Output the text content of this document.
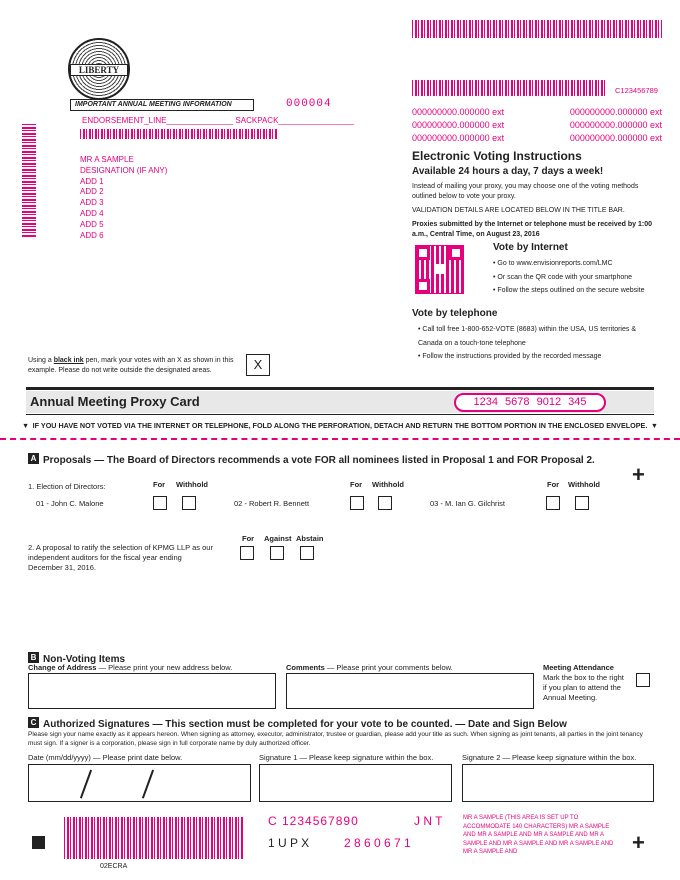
LIBERTY
IMPORTANT ANNUAL MEETING INFORMATION	000004
ENDORSEMENT_LINE_______________ SACKPACK_________________
MR A SAMPLE
DESIGNATION (IF ANY)
ADD 1
ADD 2
ADD 3
ADD 4
ADD 5
ADD 6
C123456789
000000000.000000 ext	000000000.000000 ext
000000000.000000 ext	000000000.000000 ext
000000000.000000 ext	000000000.000000 ext
Electronic Voting Instructions
Available 24 hours a day, 7 days a week!
Instead of mailing your proxy, you may choose one of the voting methods outlined below to vote your proxy.
VALIDATION DETAILS ARE LOCATED BELOW IN THE TITLE BAR.
Proxies submitted by the Internet or telephone must be received by 1:00 a.m., Central Time, on August 23, 2016
Vote by Internet
• Go to www.envisionreports.com/LMC
• Or scan the QR code with your smartphone
• Follow the steps outlined on the secure website
Vote by telephone
• Call toll free 1-800-652-VOTE (8683) within the USA, US territories & Canada on a touch-tone telephone
• Follow the instructions provided by the recorded message
Using a black ink pen, mark your votes with an X as shown in this example. Please do not write outside the designated areas.	X
Annual Meeting Proxy Card	1234 5678 9012 345
▼ IF YOU HAVE NOT VOTED VIA THE INTERNET OR TELEPHONE, FOLD ALONG THE PERFORATION, DETACH AND RETURN THE BOTTOM PORTION IN THE ENCLOSED ENVELOPE. ▼
A Proposals — The Board of Directors recommends a vote FOR all nominees listed in Proposal 1 and FOR Proposal 2.
+
1. Election of Directors:	For Withhold	For Withhold	For Withhold
01 - John C. Malone	02 - Robert R. Bennett	03 - M. Ian G. Gilchrist
For Against Abstain
2. A proposal to ratify the selection of KPMG LLP as our independent auditors for the fiscal year ending December 31, 2016.
B Non-Voting Items
Change of Address — Please print your new address below.	Comments — Please print your comments below.	Meeting Attendance
Mark the box to the right if you plan to attend the Annual Meeting.
C Authorized Signatures — This section must be completed for your vote to be counted. — Date and Sign Below
Please sign your name exactly as it appears hereon. When signing as attorney, executor, administrator, trustee or guardian, please add your title as such. When signing as joint tenants, all parties in the joint tenancy must sign. If a signer is a corporation, please sign in full corporate name by duly authorized officer.
Date (mm/dd/yyyy) — Please print date below.	Signature 1 — Please keep signature within the box.	Signature 2 — Please keep signature within the box.
C 1234567890	J N T
1 U P X	2 8 6 0 6 7 1
MR A SAMPLE (THIS AREA IS SET UP TO ACCOMMODATE 140 CHARACTERS) MR A SAMPLE AND MR A SAMPLE AND MR A SAMPLE AND MR A SAMPLE AND MR A SAMPLE AND MR A SAMPLE AND MR A SAMPLE AND	+
02ECRA
